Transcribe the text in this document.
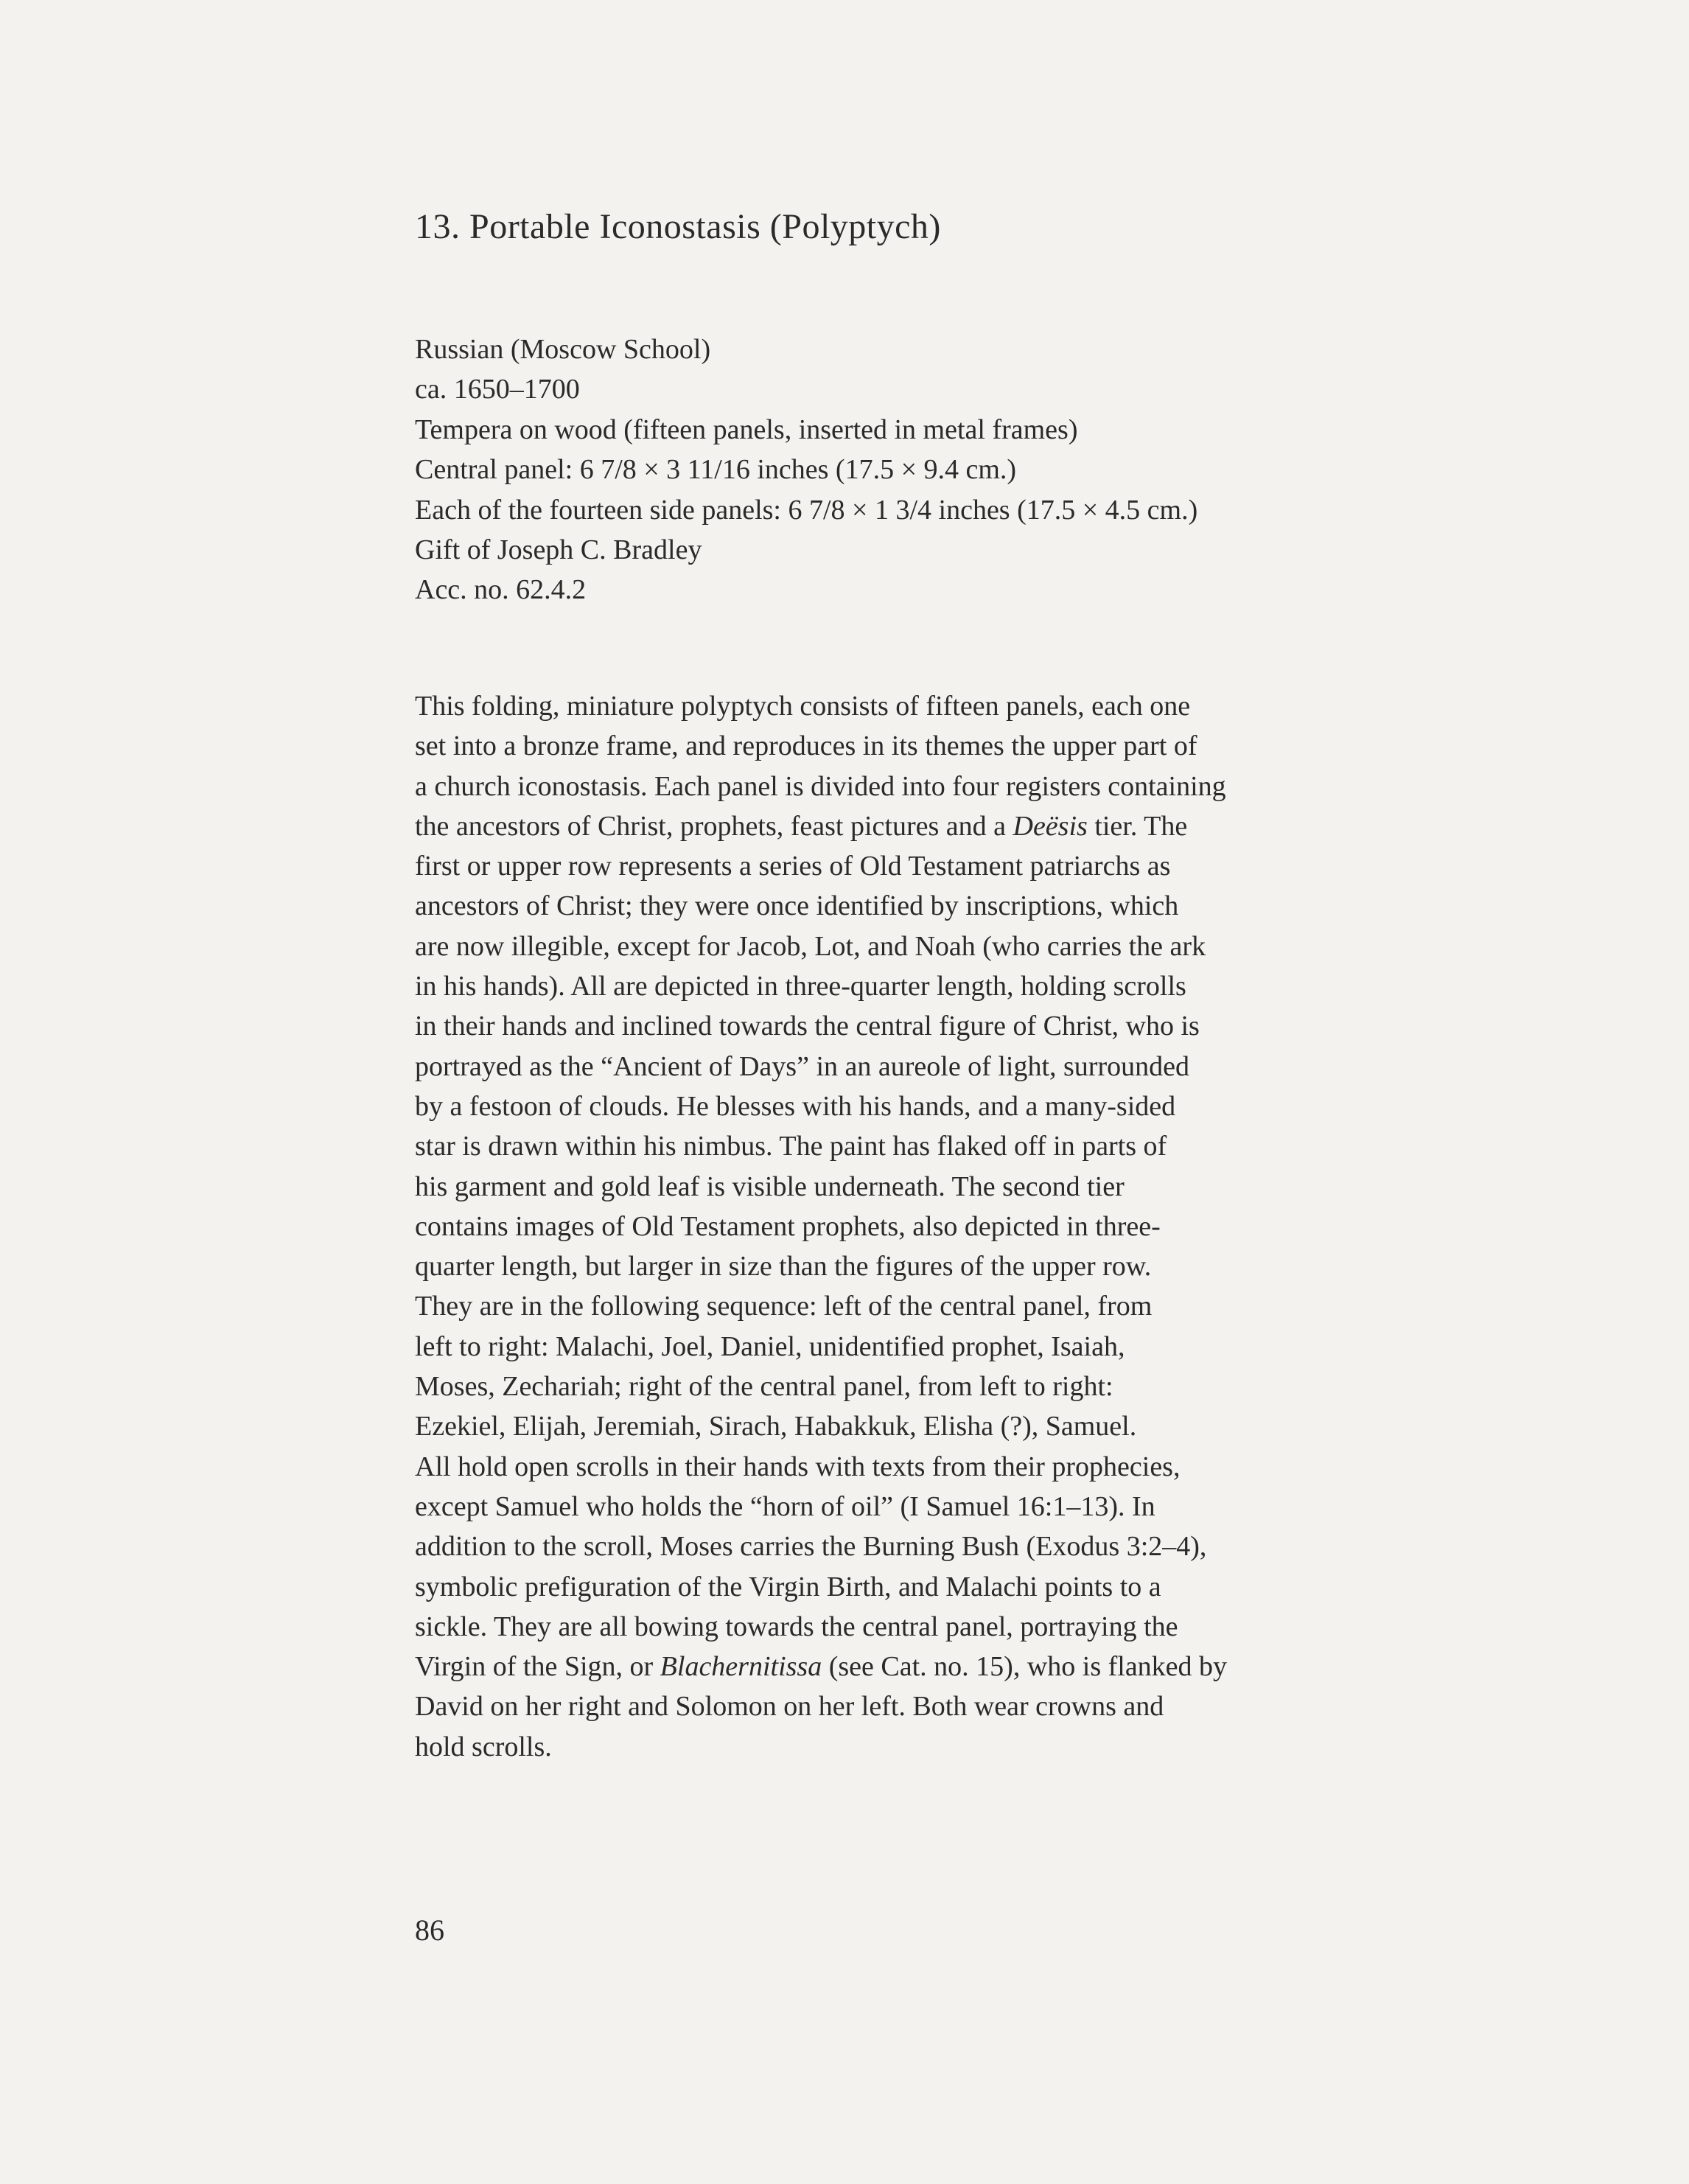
13. Portable Iconostasis (Polyptych)
Russian (Moscow School)
ca. 1650–1700
Tempera on wood (fifteen panels, inserted in metal frames)
Central panel: 6 7/8 × 3 11/16 inches (17.5 × 9.4 cm.)
Each of the fourteen side panels: 6 7/8 × 1 3/4 inches (17.5 × 4.5 cm.)
Gift of Joseph C. Bradley
Acc. no. 62.4.2
This folding, miniature polyptych consists of fifteen panels, each one
set into a bronze frame, and reproduces in its themes the upper part of
a church iconostasis. Each panel is divided into four registers containing
the ancestors of Christ, prophets, feast pictures and a Deësis tier. The
first or upper row represents a series of Old Testament patriarchs as
ancestors of Christ; they were once identified by inscriptions, which
are now illegible, except for Jacob, Lot, and Noah (who carries the ark
in his hands). All are depicted in three-quarter length, holding scrolls
in their hands and inclined towards the central figure of Christ, who is
portrayed as the “Ancient of Days” in an aureole of light, surrounded
by a festoon of clouds. He blesses with his hands, and a many-sided
star is drawn within his nimbus. The paint has flaked off in parts of
his garment and gold leaf is visible underneath. The second tier
contains images of Old Testament prophets, also depicted in three-
quarter length, but larger in size than the figures of the upper row.
They are in the following sequence: left of the central panel, from
left to right: Malachi, Joel, Daniel, unidentified prophet, Isaiah,
Moses, Zechariah; right of the central panel, from left to right:
Ezekiel, Elijah, Jeremiah, Sirach, Habakkuk, Elisha (?), Samuel.
All hold open scrolls in their hands with texts from their prophecies,
except Samuel who holds the “horn of oil” (I Samuel 16:1–13). In
addition to the scroll, Moses carries the Burning Bush (Exodus 3:2–4),
symbolic prefiguration of the Virgin Birth, and Malachi points to a
sickle. They are all bowing towards the central panel, portraying the
Virgin of the Sign, or Blachernitissa (see Cat. no. 15), who is flanked by
David on her right and Solomon on her left. Both wear crowns and
hold scrolls.
86
